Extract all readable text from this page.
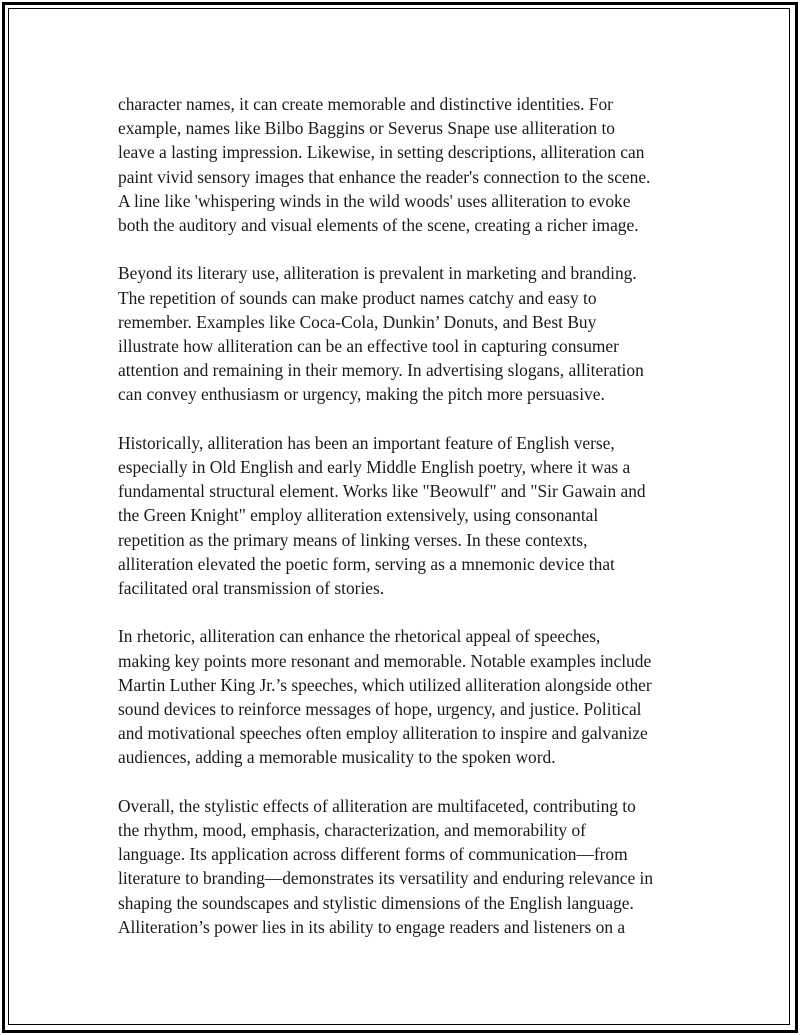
character names, it can create memorable and distinctive identities. For
example, names like Bilbo Baggins or Severus Snape use alliteration to
leave a lasting impression. Likewise, in setting descriptions, alliteration can
paint vivid sensory images that enhance the reader's connection to the scene.
A line like 'whispering winds in the wild woods' uses alliteration to evoke
both the auditory and visual elements of the scene, creating a richer image.

Beyond its literary use, alliteration is prevalent in marketing and branding.
The repetition of sounds can make product names catchy and easy to
remember. Examples like Coca-Cola, Dunkin’ Donuts, and Best Buy
illustrate how alliteration can be an effective tool in capturing consumer
attention and remaining in their memory. In advertising slogans, alliteration
can convey enthusiasm or urgency, making the pitch more persuasive.

Historically, alliteration has been an important feature of English verse,
especially in Old English and early Middle English poetry, where it was a
fundamental structural element. Works like "Beowulf" and "Sir Gawain and
the Green Knight" employ alliteration extensively, using consonantal
repetition as the primary means of linking verses. In these contexts,
alliteration elevated the poetic form, serving as a mnemonic device that
facilitated oral transmission of stories.

In rhetoric, alliteration can enhance the rhetorical appeal of speeches,
making key points more resonant and memorable. Notable examples include
Martin Luther King Jr.’s speeches, which utilized alliteration alongside other
sound devices to reinforce messages of hope, urgency, and justice. Political
and motivational speeches often employ alliteration to inspire and galvanize
audiences, adding a memorable musicality to the spoken word.

Overall, the stylistic effects of alliteration are multifaceted, contributing to
the rhythm, mood, emphasis, characterization, and memorability of
language. Its application across different forms of communication—from
literature to branding—demonstrates its versatility and enduring relevance in
shaping the soundscapes and stylistic dimensions of the English language.
Alliteration’s power lies in its ability to engage readers and listeners on a
